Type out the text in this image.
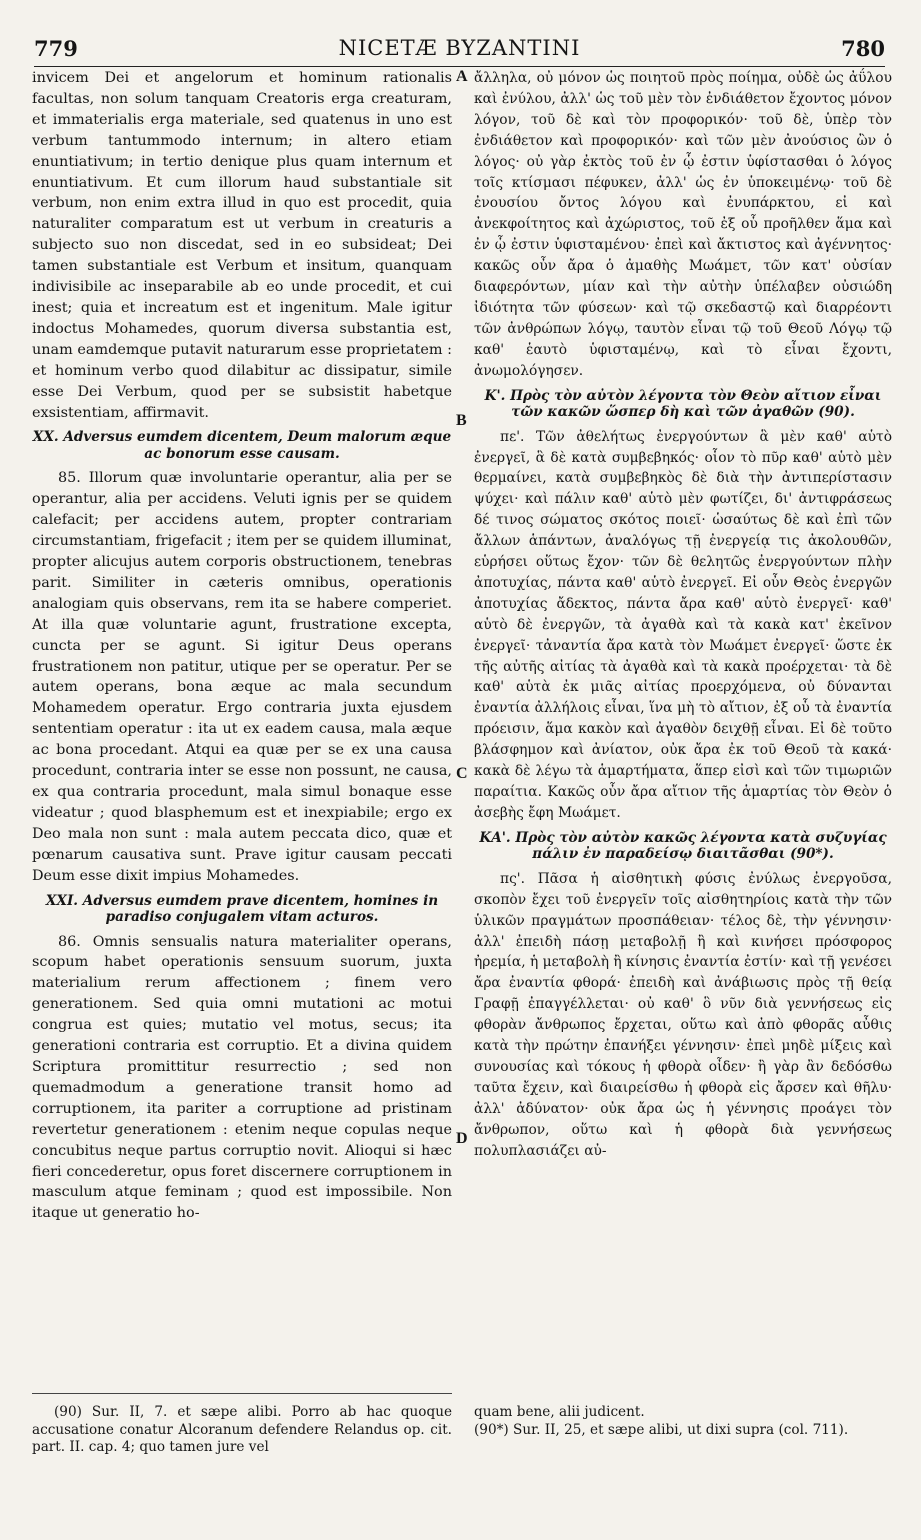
779	NICETÆ BYZANTINI	780

invicem Dei et angelorum et hominum rationalis facultas, non solum tanquam Creatoris erga creaturam, et immaterialis erga materiale, sed quatenus in uno est verbum tantummodo internum; in altero etiam enuntiativum; in tertio denique plus quam internum et enuntiativum. Et cum illorum haud substantiale sit verbum, non enim extra illud in quo est procedit, quia naturaliter comparatum est ut verbum in creaturis a subjecto suo non discedat, sed in eo subsideat; Dei tamen substantiale est Verbum et insitum, quanquam indivisibile ac inseparabile ab eo unde procedit, et cui inest; quia et increatum est et ingenitum. Male igitur indoctus Mohamedes, quorum diversa substantia est, unam eamdemque putavit naturarum esse proprietatem : et hominum verbo quod dilabitur ac dissipatur, simile esse Dei Verbum, quod per se subsistit habetque exsistentiam, affirmavit.

XX. Adversus eumdem dicentem, Deum malorum æque ac bonorum esse causam.

85. Illorum quæ involuntarie operantur, alia per se operantur, alia per accidens. Veluti ignis per se quidem calefacit; per accidens autem, propter contrariam circumstantiam, frigefacit ; item per se quidem illuminat, propter alicujus autem corporis obstructionem, tenebras parit. Similiter in cæteris omnibus, operationis analogiam quis observans, rem ita se habere comperiet. At illa quæ voluntarie agunt, frustratione excepta, cuncta per se agunt. Si igitur Deus operans frustrationem non patitur, utique per se operatur. Per se autem operans, bona æque ac mala secundum Mohamedem operatur. Ergo contraria juxta ejusdem sententiam operatur : ita ut ex eadem causa, mala æque ac bona procedant. Atqui ea quæ per se ex una causa procedunt, contraria inter se esse non possunt, ne causa, ex qua contraria procedunt, mala simul bonaque esse videatur ; quod blasphemum est et inexpiabile; ergo ex Deo mala non sunt : mala autem peccata dico, quæ et pœnarum causativa sunt. Prave igitur causam peccati Deum esse dixit impius Mohamedes.

XXI. Adversus eumdem prave dicentem, homines in paradiso conjugalem vitam acturos.

86. Omnis sensualis natura materialiter operans, scopum habet operationis sensuum suorum, juxta materialium rerum affectionem ; finem vero generationem. Sed quia omni mutationi ac motui congrua est quies; mutatio vel motus, secus; ita generationi contraria est corruptio. Et a divina quidem Scriptura promittitur resurrectio ; sed non quemadmodum a generatione transit homo ad corruptionem, ita pariter a corruptione ad pristinam revertetur generationem : etenim neque copulas neque concubitus neque partus corruptio novit. Alioqui si hæc fieri concederetur, opus foret discernere corruptionem in masculum atque feminam ; quod est impossibile. Non itaque ut generatio ho-

A
B
C
D

ἄλληλα, οὐ μόνον ὡς ποιητοῦ πρὸς ποίημα, οὐδὲ ὡς ἀΰλου καὶ ἐνύλου, ἀλλ' ὡς τοῦ μὲν τὸν ἐνδιάθετον ἔχοντος μόνον λόγον, τοῦ δὲ καὶ τὸν προφορικόν· τοῦ δὲ, ὑπὲρ τὸν ἐνδιάθετον καὶ προφορικόν· καὶ τῶν μὲν ἀνούσιος ὢν ὁ λόγος· οὐ γὰρ ἐκτὸς τοῦ ἐν ᾧ ἐστιν ὑφίστασθαι ὁ λόγος τοῖς κτίσμασι πέφυκεν, ἀλλ' ὡς ἐν ὑποκειμένῳ· τοῦ δὲ ἐνουσίου ὄντος λόγου καὶ ἐνυπάρκτου, εἰ καὶ ἀνεκφοίτητος καὶ ἀχώριστος, τοῦ ἐξ οὗ προῆλθεν ἅμα καὶ ἐν ᾧ ἐστιν ὑφισταμένου· ἐπεὶ καὶ ἄκτιστος καὶ ἀγέννητος· κακῶς οὖν ἄρα ὁ ἀμαθὴς Μωάμετ, τῶν κατ' οὐσίαν διαφερόντων, μίαν καὶ τὴν αὐτὴν ὑπέλαβεν οὐσιώδη ἰδιότητα τῶν φύσεων· καὶ τῷ σκεδαστῷ καὶ διαρρέοντι τῶν ἀνθρώπων λόγῳ, ταυτὸν εἶναι τῷ τοῦ Θεοῦ Λόγῳ τῷ καθ' ἑαυτὸ ὑφισταμένῳ, καὶ τὸ εἶναι ἔχοντι, ἀνωμολόγησεν.

Κ'. Πρὸς τὸν αὐτὸν λέγοντα τὸν Θεὸν αἴτιον εἶναι τῶν κακῶν ὥσπερ δὴ καὶ τῶν ἀγαθῶν (90).

πε'. Τῶν ἀθελήτως ἐνεργούντων ἃ μὲν καθ' αὑτὸ ἐνεργεῖ, ἃ δὲ κατὰ συμβεβηκός· οἷον τὸ πῦρ καθ' αὑτὸ μὲν θερμαίνει, κατὰ συμβεβηκὸς δὲ διὰ τὴν ἀντιπερίστασιν ψύχει· καὶ πάλιν καθ' αὑτὸ μὲν φωτίζει, δι' ἀντιφράσεως δέ τινος σώματος σκότος ποιεῖ· ὡσαύτως δὲ καὶ ἐπὶ τῶν ἄλλων ἁπάντων, ἀναλόγως τῇ ἐνεργείᾳ τις ἀκολουθῶν, εὑρήσει οὕτως ἔχον· τῶν δὲ θελητῶς ἐνεργούντων πλὴν ἀποτυχίας, πάντα καθ' αὑτὸ ἐνεργεῖ. Εἰ οὖν Θεὸς ἐνεργῶν ἀποτυχίας ἄδεκτος, πάντα ἄρα καθ' αὑτὸ ἐνεργεῖ· καθ' αὑτὸ δὲ ἐνεργῶν, τὰ ἀγαθὰ καὶ τὰ κακὰ κατ' ἐκεῖνον ἐνεργεῖ· τἀναντία ἄρα κατὰ τὸν Μωάμετ ἐνεργεῖ· ὥστε ἐκ τῆς αὐτῆς αἰτίας τὰ ἀγαθὰ καὶ τὰ κακὰ προέρχεται· τὰ δὲ καθ' αὑτὰ ἐκ μιᾶς αἰτίας προερχόμενα, οὐ δύνανται ἐναντία ἀλλήλοις εἶναι, ἵνα μὴ τὸ αἴτιον, ἐξ οὗ τὰ ἐναντία πρόεισιν, ἅμα κακὸν καὶ ἀγαθὸν δειχθῇ εἶναι. Εἰ δὲ τοῦτο βλάσφημον καὶ ἀνίατον, οὐκ ἄρα ἐκ τοῦ Θεοῦ τὰ κακά· κακὰ δὲ λέγω τὰ ἁμαρτήματα, ἅπερ εἰσὶ καὶ τῶν τιμωριῶν παραίτια. Κακῶς οὖν ἄρα αἴτιον τῆς ἁμαρτίας τὸν Θεὸν ὁ ἀσεβὴς ἔφη Μωάμετ.

ΚΑ'. Πρὸς τὸν αὐτὸν κακῶς λέγοντα κατὰ συζυγίας πάλιν ἐν παραδείσῳ διαιτᾶσθαι (90*).

πς'. Πᾶσα ἡ αἰσθητικὴ φύσις ἐνύλως ἐνεργοῦσα, σκοπὸν ἔχει τοῦ ἐνεργεῖν τοῖς αἰσθητηρίοις κατὰ τὴν τῶν ὑλικῶν πραγμάτων προσπάθειαν· τέλος δὲ, τὴν γέννησιν· ἀλλ' ἐπειδὴ πάσῃ μεταβολῇ ἢ καὶ κινήσει πρόσφορος ἠρεμία, ἡ μεταβολὴ ἢ κίνησις ἐναντία ἐστίν· καὶ τῇ γενέσει ἄρα ἐναντία φθορά· ἐπειδὴ καὶ ἀνάβιωσις πρὸς τῇ θείᾳ Γραφῇ ἐπαγγέλλεται· οὐ καθ' ὃ νῦν διὰ γεννήσεως εἰς φθορὰν ἄνθρωπος ἔρχεται, οὕτω καὶ ἀπὸ φθορᾶς αὖθις κατὰ τὴν πρώτην ἐπανήξει γέννησιν· ἐπεὶ μηδὲ μίξεις καὶ συνουσίας καὶ τόκους ἡ φθορὰ οἶδεν· ἢ γὰρ ἂν δεδόσθω ταῦτα ἔχειν, καὶ διαιρείσθω ἡ φθορὰ εἰς ἄρσεν καὶ θῆλυ· ἀλλ' ἀδύνατον· οὐκ ἄρα ὡς ἡ γέννησις προάγει τὸν ἄνθρωπον, οὕτω καὶ ἡ φθορὰ διὰ γεννήσεως πολυπλασιάζει αὐ-

(90) Sur. II, 7. et sæpe alibi. Porro ab hac quoque accusatione conatur Alcoranum defendere Relandus op. cit. part. II. cap. 4; quo tamen jure vel

quam bene, alii judicent.

(90*) Sur. II, 25, et sæpe alibi, ut dixi supra (col. 711).
